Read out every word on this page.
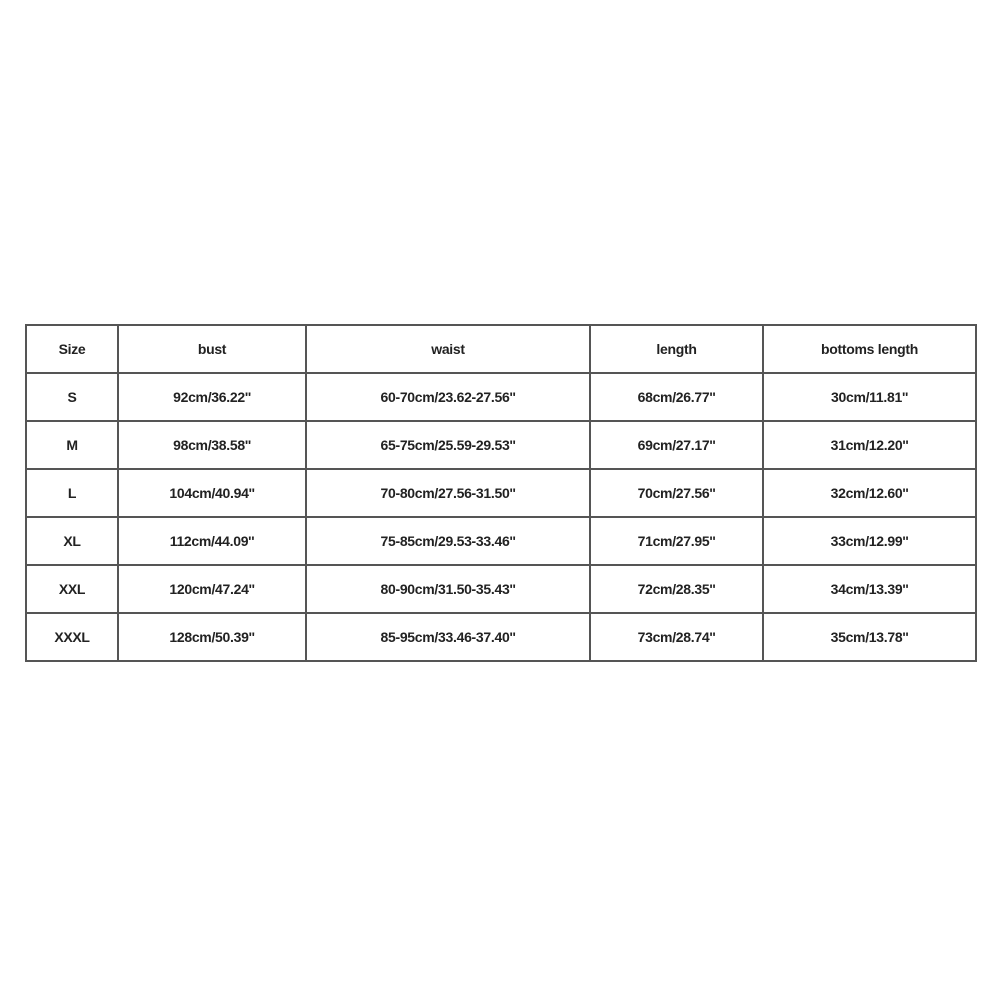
Size	bust	waist	length	bottoms length
S	92cm/36.22''	60-70cm/23.62-27.56''	68cm/26.77''	30cm/11.81''
M	98cm/38.58''	65-75cm/25.59-29.53''	69cm/27.17''	31cm/12.20''
L	104cm/40.94''	70-80cm/27.56-31.50''	70cm/27.56''	32cm/12.60''
XL	112cm/44.09''	75-85cm/29.53-33.46''	71cm/27.95''	33cm/12.99''
XXL	120cm/47.24''	80-90cm/31.50-35.43''	72cm/28.35''	34cm/13.39''
XXXL	128cm/50.39''	85-95cm/33.46-37.40''	73cm/28.74''	35cm/13.78''
